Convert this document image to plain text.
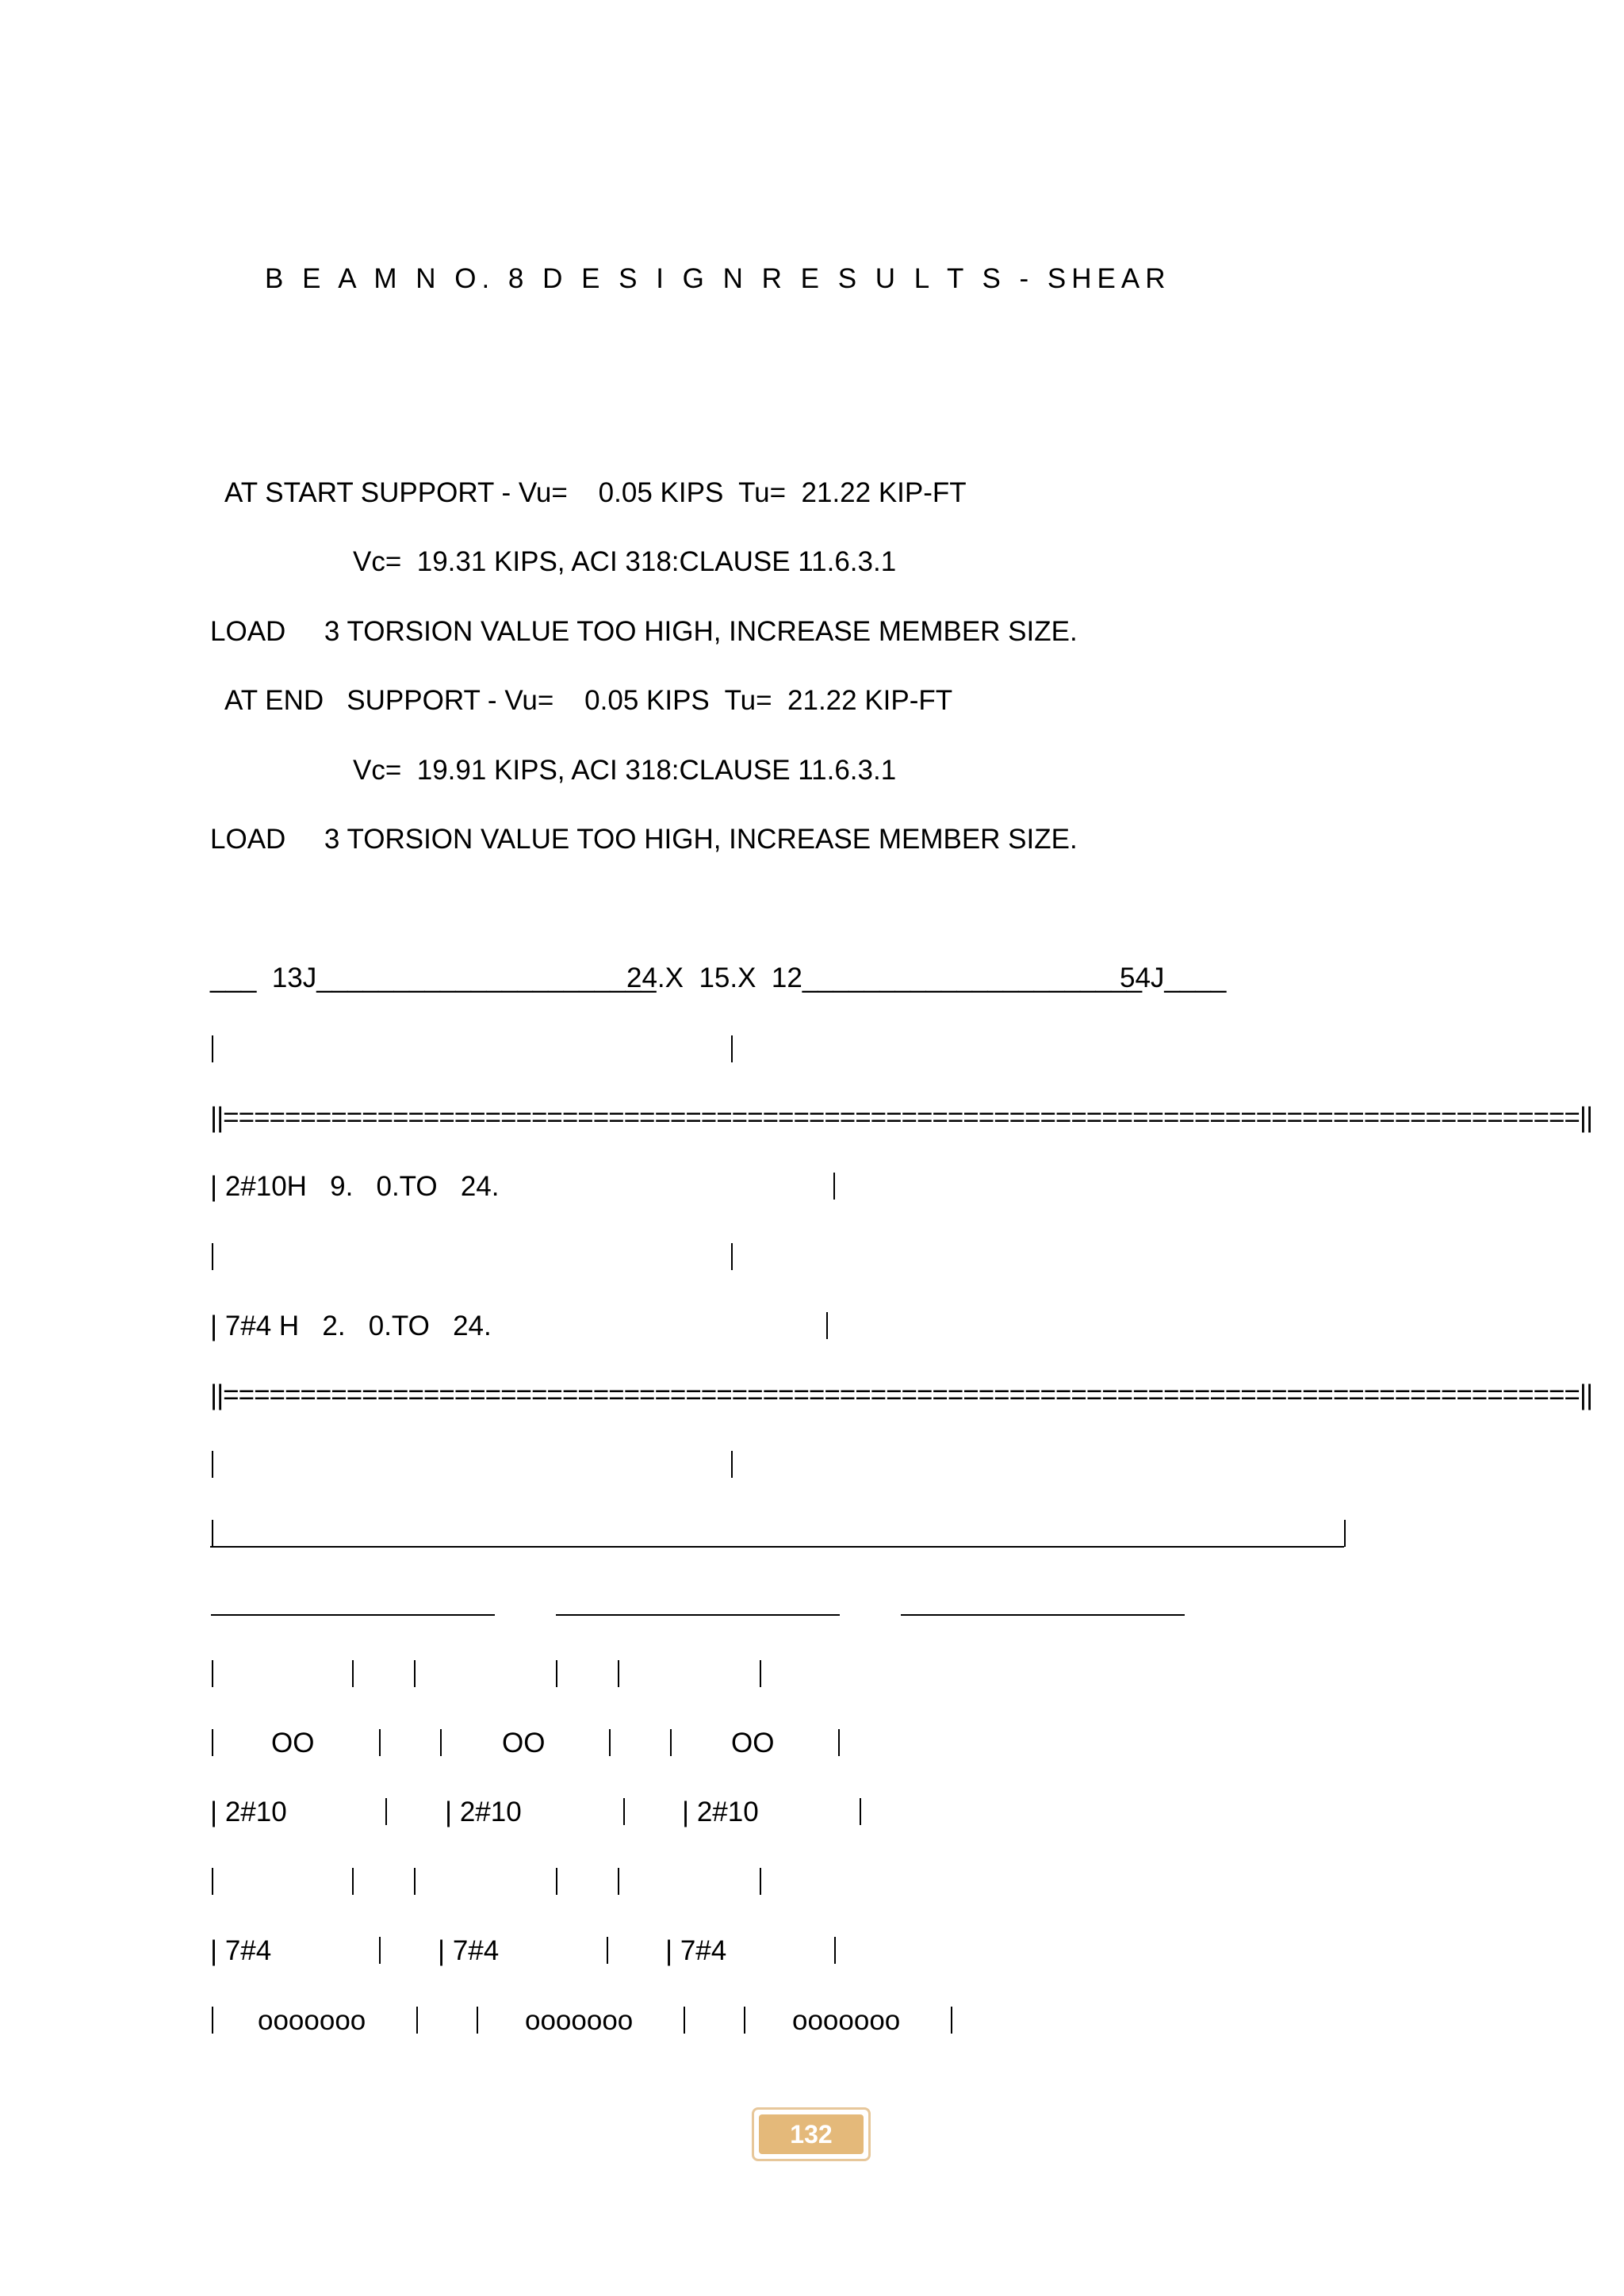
B E A M N O. 8 D E S I G N R E S U L T S - SHEAR
AT START SUPPORT - Vu=    0.05 KIPS  Tu=  21.22 KIP-FT
Vc=  19.31 KIPS, ACI 318:CLAUSE 11.6.3.1
LOAD     3 TORSION VALUE TOO HIGH, INCREASE MEMBER SIZE.
AT END   SUPPORT - Vu=    0.05 KIPS  Tu=  21.22 KIP-FT
Vc=  19.91 KIPS, ACI 318:CLAUSE 11.6.3.1
LOAD     3 TORSION VALUE TOO HIGH, INCREASE MEMBER SIZE.
___  13J______________________
24.X  15.X  12______________________
54J____
||========================================================================================||
| 2#10H   9.   0.TO   24.
| 7#4 H   2.   0.TO   24.
||========================================================================================||
OO	OO	OO
| 2#10	| 2#10	| 2#10
| 7#4	| 7#4	| 7#4
ooooooo	ooooooo	ooooooo
132
